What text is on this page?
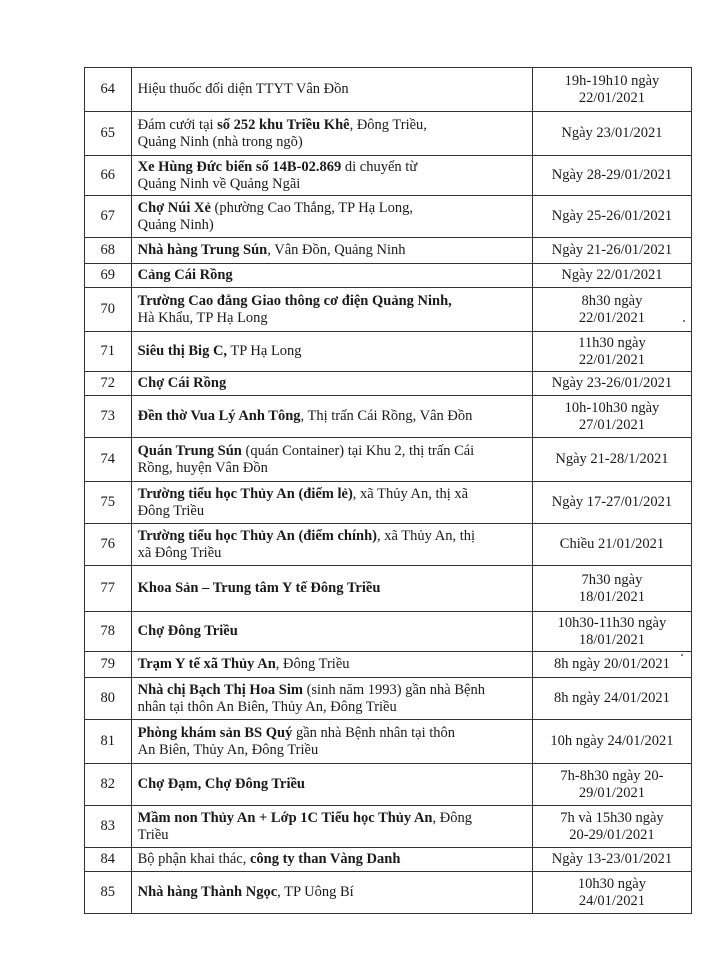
64	Hiệu thuốc đối diện TTYT Vân Đồn	19h-19h10 ngày
22/01/2021
65	Đám cưới tại số 252 khu Triều Khê, Đông Triều,
Quảng Ninh (nhà trong ngõ)	Ngày 23/01/2021
66	Xe Hùng Đức biển số 14B-02.869 di chuyển từ
Quảng Ninh về Quảng Ngãi	Ngày 28-29/01/2021
67	Chợ Núi Xẻ (phường Cao Thắng, TP Hạ Long,
Quảng Ninh)	Ngày 25-26/01/2021
68	Nhà hàng Trung Sún, Vân Đồn, Quảng Ninh	Ngày 21-26/01/2021
69	Cảng Cái Rồng	Ngày 22/01/2021
70	Trường Cao đẳng Giao thông cơ điện Quảng Ninh,
Hà Khẩu, TP Hạ Long	8h30 ngày
22/01/2021
71	Siêu thị Big C, TP Hạ Long	11h30 ngày
22/01/2021
72	Chợ Cái Rồng	Ngày 23-26/01/2021
73	Đền thờ Vua Lý Anh Tông, Thị trấn Cái Rồng, Vân Đồn	10h-10h30 ngày
27/01/2021
74	Quán Trung Sún (quán Container) tại Khu 2, thị trấn Cái
Rồng, huyện Vân Đồn	Ngày 21-28/1/2021
75	Trường tiểu học Thủy An (điểm lẻ), xã Thủy An, thị xã
Đông Triều	Ngày 17-27/01/2021
76	Trường tiểu học Thủy An (điểm chính), xã Thủy An, thị
xã Đông Triều	Chiều 21/01/2021
77	Khoa Sản – Trung tâm Y tế Đông Triều	7h30 ngày
18/01/2021
78	Chợ Đông Triều	10h30-11h30 ngày
18/01/2021
79	Trạm Y tế xã Thủy An, Đông Triều	8h ngày 20/01/2021
80	Nhà chị Bạch Thị Hoa Sim (sinh năm 1993) gần nhà Bệnh
nhân tại thôn An Biên, Thủy An, Đông Triều	8h ngày 24/01/2021
81	Phòng khám sản BS Quý gần nhà Bệnh nhân tại thôn
An Biên, Thủy An, Đông Triều	10h ngày 24/01/2021
82	Chợ Đạm, Chợ Đông Triều	7h-8h30 ngày 20-
29/01/2021
83	Mầm non Thủy An + Lớp 1C Tiểu học Thủy An, Đông
Triều	7h và 15h30 ngày
20-29/01/2021
84	Bộ phận khai thác, công ty than Vàng Danh	Ngày 13-23/01/2021
85	Nhà hàng Thành Ngọc, TP Uông Bí	10h30 ngày
24/01/2021
